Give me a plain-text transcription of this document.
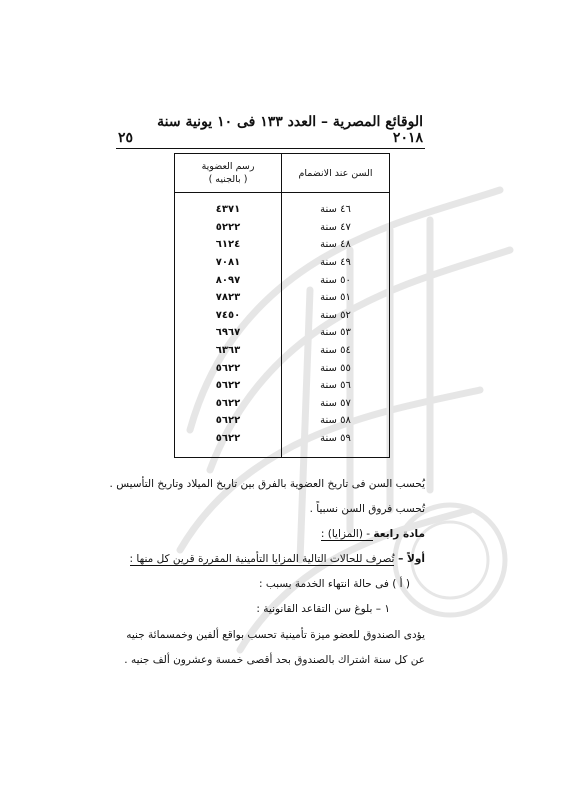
٢٥
الوقائع المصرية – العدد ١٣٣ فى ١٠ يونية سنة ٢٠١٨
السن عند الانضمام
رسم العضوية
( بالجنيه )
٤٦ سنة
٤٣٧١
٤٧ سنة
٥٢٢٢
٤٨ سنة
٦١٢٤
٤٩ سنة
٧٠٨١
٥٠ سنة
٨٠٩٧
٥١ سنة
٧٨٢٣
٥٢ سنة
٧٤٥٠
٥٣ سنة
٦٩٦٧
٥٤ سنة
٦٣٦٣
٥٥ سنة
٥٦٢٢
٥٦ سنة
٥٦٢٢
٥٧ سنة
٥٦٢٢
٥٨ سنة
٥٦٢٢
٥٩ سنة
٥٦٢٢
يُحسب السن فى تاريخ العضوية بالفرق بين تاريخ الميلاد وتاريخ التأسيس .
تُحسب فروق السن نسبياً .
مادة رابعة - (المزايا) :
أولاً – تُصرف للحالات التالية المزايا التأمينية المقررة قرين كل منها :
( أ ) فى حالة انتهاء الخدمة بسبب :
١ – بلوغ سن التقاعد القانونية :
يؤدى الصندوق للعضو ميزة تأمينية تحسب بواقع ألفين وخمسمائة جنيه
عن كل سنة اشتراك بالصندوق بحد أقصى خمسة وعشرون ألف جنيه .
